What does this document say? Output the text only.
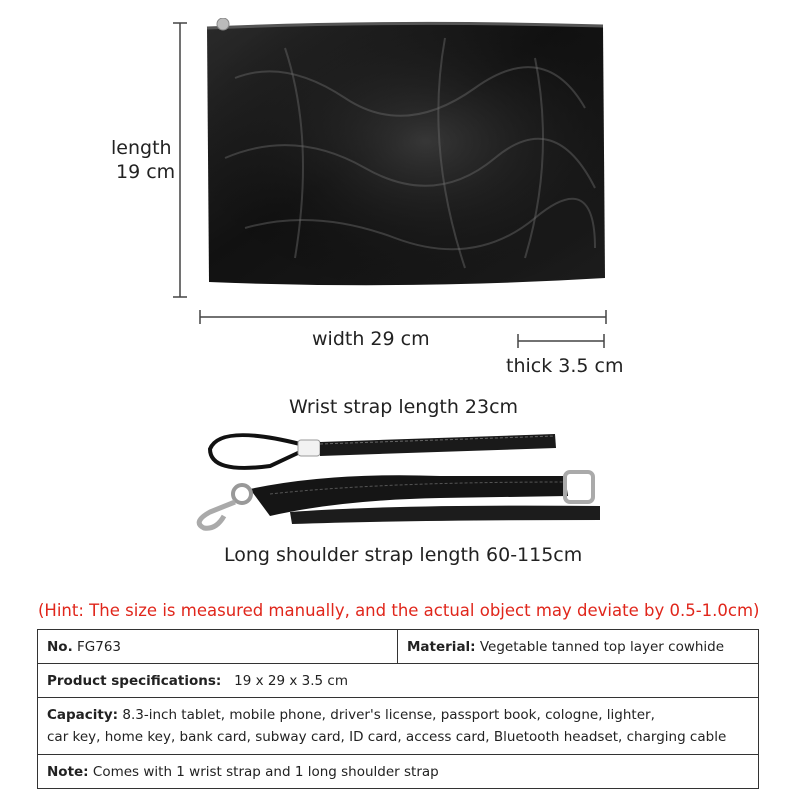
length
19 cm
width 29 cm
thick 3.5 cm
Wrist strap length 23cm
Long shoulder strap length 60-115cm
(Hint: The size is measured manually, and the actual object may deviate by 0.5-1.0cm)
No. FG763	Material: Vegetable tanned top layer cowhide
Product specifications: 19 x 29 x 3.5 cm
Capacity: 8.3-inch tablet, mobile phone, driver's license, passport book, cologne, lighter,
car key, home key, bank card, subway card, ID card, access card, Bluetooth headset, charging cable
Note: Comes with 1 wrist strap and 1 long shoulder strap
